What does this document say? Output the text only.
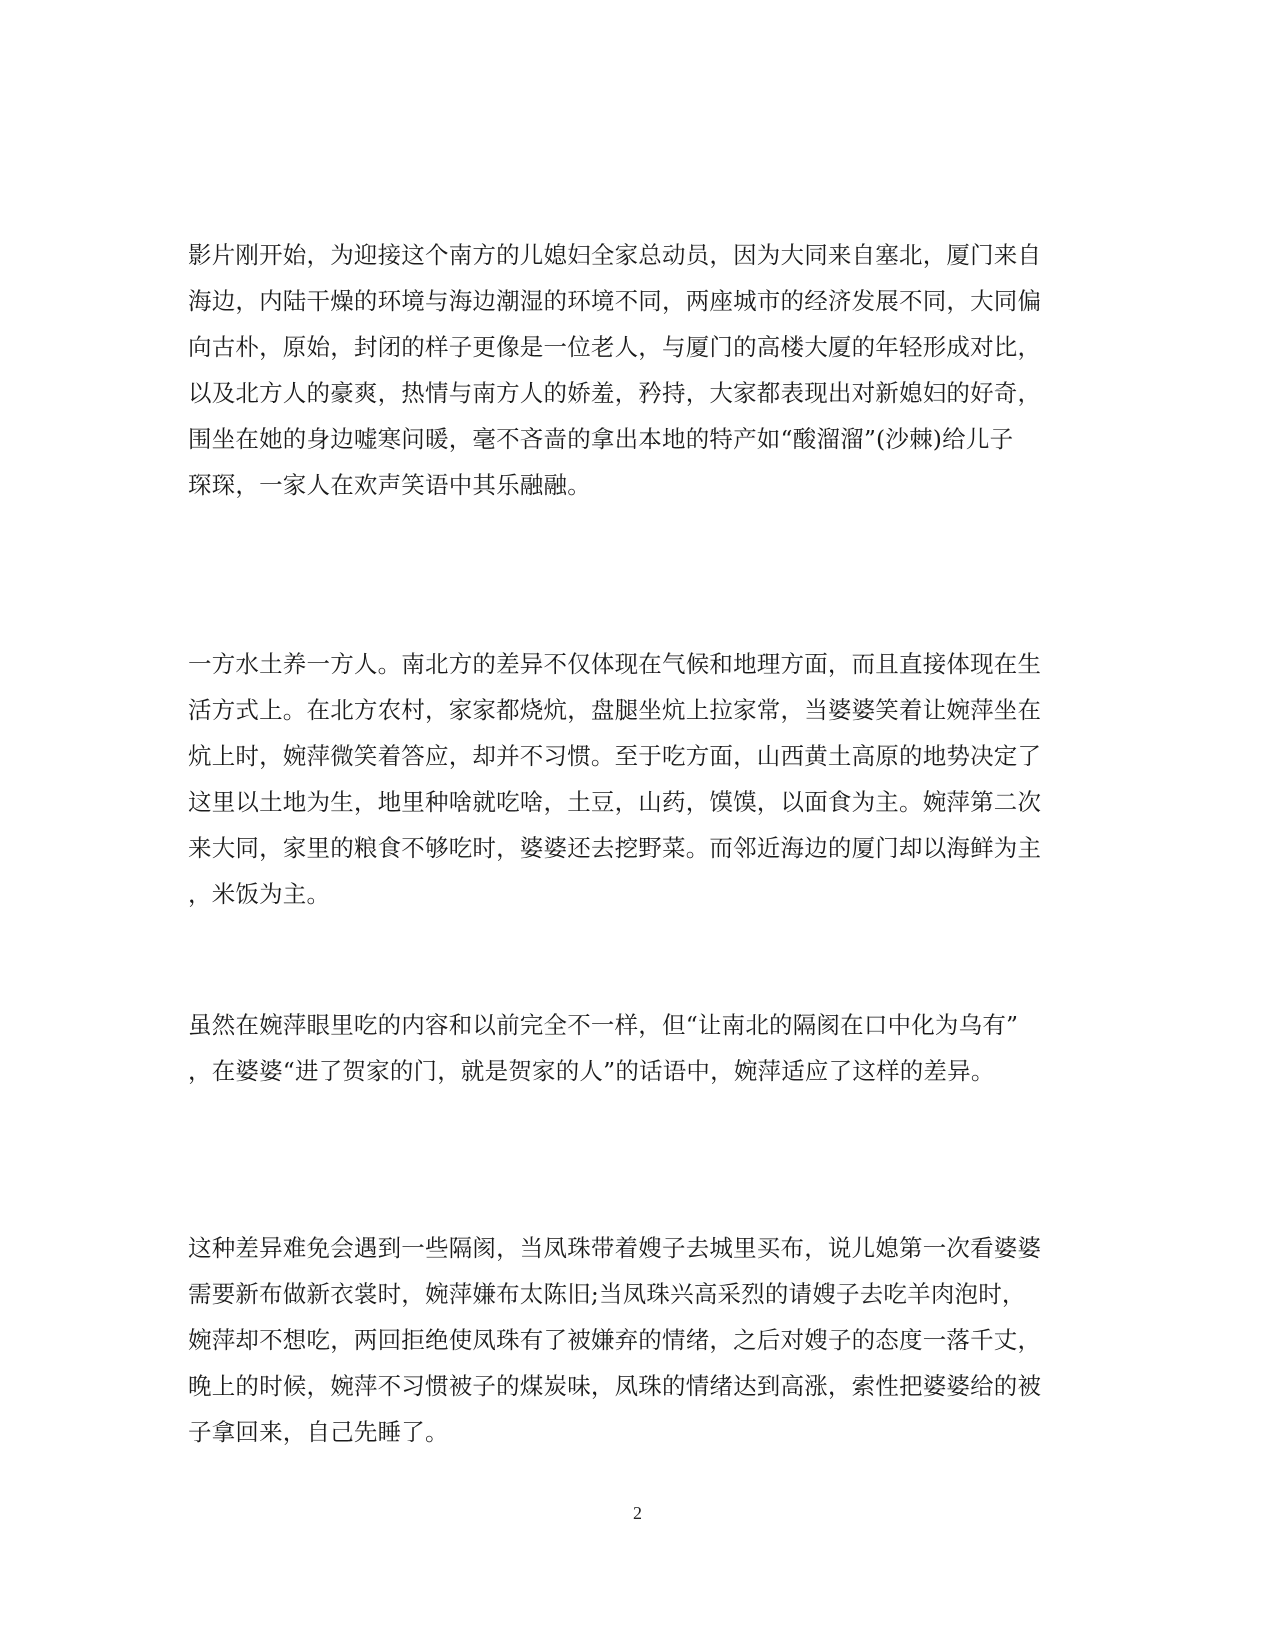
影片刚开始，为迎接这个南方的儿媳妇全家总动员，因为大同来自塞北，厦门来自
海边，内陆干燥的环境与海边潮湿的环境不同，两座城市的经济发展不同，大同偏
向古朴，原始，封闭的样子更像是一位老人，与厦门的高楼大厦的年轻形成对比，
以及北方人的豪爽，热情与南方人的娇羞，矜持，大家都表现出对新媳妇的好奇，
围坐在她的身边嘘寒问暖，毫不吝啬的拿出本地的特产如“酸溜溜”(沙棘)给儿子
琛琛，一家人在欢声笑语中其乐融融。
一方水土养一方人。南北方的差异不仅体现在气候和地理方面，而且直接体现在生
活方式上。在北方农村，家家都烧炕，盘腿坐炕上拉家常，当婆婆笑着让婉萍坐在
炕上时，婉萍微笑着答应，却并不习惯。至于吃方面，山西黄土高原的地势决定了
这里以土地为生，地里种啥就吃啥，土豆，山药，馍馍，以面食为主。婉萍第二次
来大同，家里的粮食不够吃时，婆婆还去挖野菜。而邻近海边的厦门却以海鲜为主
，米饭为主。
虽然在婉萍眼里吃的内容和以前完全不一样，但“让南北的隔阂在口中化为乌有”
，在婆婆“进了贺家的门，就是贺家的人”的话语中，婉萍适应了这样的差异。
这种差异难免会遇到一些隔阂，当凤珠带着嫂子去城里买布，说儿媳第一次看婆婆
需要新布做新衣裳时，婉萍嫌布太陈旧;当凤珠兴高采烈的请嫂子去吃羊肉泡时，
婉萍却不想吃，两回拒绝使凤珠有了被嫌弃的情绪，之后对嫂子的态度一落千丈，
晚上的时候，婉萍不习惯被子的煤炭味，凤珠的情绪达到高涨，索性把婆婆给的被
子拿回来，自己先睡了。
2
